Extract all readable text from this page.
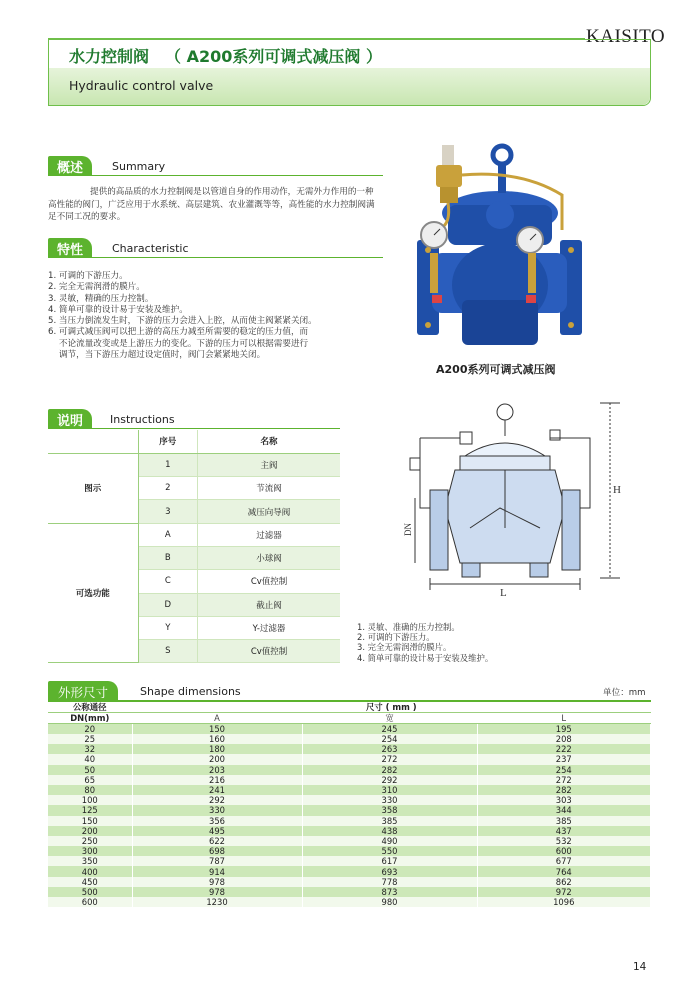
KAISITO
水力控制阀 （ A200系列可调式减压阀 ）
Hydraulic control valve
概述	Summary
提供的高品质的水力控制阀是以管道自身的作用动作，无需外力作用的一种高性能的阀门，广泛应用于水系统、高层建筑、农业灌溉等等，高性能的水力控制阀满足不同工况的要求。
特性	Characteristic
1. 可调的下游压力。
2. 完全无需润滑的膜片。
3. 灵敏，精确的压力控制。
4. 简单可靠的设计易于安装及维护。
5. 当压力倒流发生时，下游的压力会进入上腔，从而使主阀紧紧关闭。
6. 可调式减压阀可以把上游的高压力减至所需要的稳定的压力值，而
不论流量改变或是上游压力的变化。下游的压力可以根据需要进行
调节，当下游压力超过设定值时，阀门会紧紧地关闭。
A200系列可调式减压阀
说明	Instructions
	序号	名称
图示	1	主阀
	2	节流阀
	3	减压向导阀
可选功能	A	过滤器
	B	小球阀
	C	Cv值控制
	D	截止阀
	Y	Y-过滤器
	S	Cv值控制
H
L
DN
1. 灵敏、准确的压力控制。
2. 可调的下游压力。
3. 完全无需润滑的膜片。
4. 简单可靠的设计易于安装及维护。
外形尺寸	Shape dimensions	单位：mm
公称通径	尺寸 ( mm )		
DN(mm)	A	宽	L
20	150	245	195
25	160	254	208
32	180	263	222
40	200	272	237
50	203	282	254
65	216	292	272
80	241	310	282
100	292	330	303
125	330	358	344
150	356	385	385
200	495	438	437
250	622	490	532
300	698	550	600
350	787	617	677
400	914	693	764
450	978	778	862
500	978	873	972
600	1230	980	1096
14
